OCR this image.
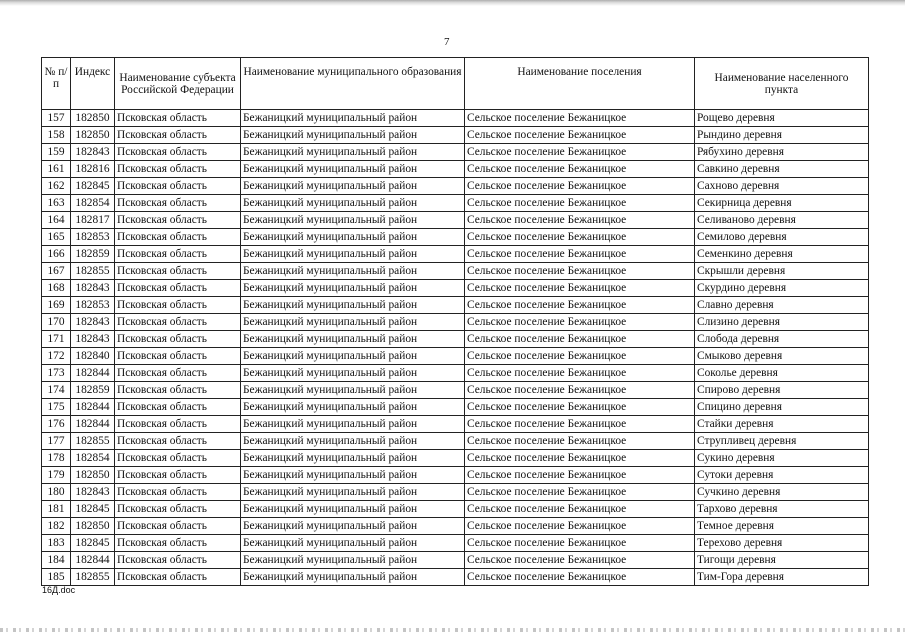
7
№ п/п	Индекс	Наименование субъекта Российской Федерации	Наименование муниципального образования	Наименование поселения	Наименование населенного пункта
157	182850	Псковская область	Бежаницкий муниципальный район	Сельское поселение Бежаницкое	Рощево деревня
158	182850	Псковская область	Бежаницкий муниципальный район	Сельское поселение Бежаницкое	Рындино деревня
159	182843	Псковская область	Бежаницкий муниципальный район	Сельское поселение Бежаницкое	Рябухино деревня
161	182816	Псковская область	Бежаницкий муниципальный район	Сельское поселение Бежаницкое	Савкино деревня
162	182845	Псковская область	Бежаницкий муниципальный район	Сельское поселение Бежаницкое	Сахново деревня
163	182854	Псковская область	Бежаницкий муниципальный район	Сельское поселение Бежаницкое	Секирница деревня
164	182817	Псковская область	Бежаницкий муниципальный район	Сельское поселение Бежаницкое	Селиваново деревня
165	182853	Псковская область	Бежаницкий муниципальный район	Сельское поселение Бежаницкое	Семилово деревня
166	182859	Псковская область	Бежаницкий муниципальный район	Сельское поселение Бежаницкое	Семенкино деревня
167	182855	Псковская область	Бежаницкий муниципальный район	Сельское поселение Бежаницкое	Скрышли деревня
168	182843	Псковская область	Бежаницкий муниципальный район	Сельское поселение Бежаницкое	Скурдино деревня
169	182853	Псковская область	Бежаницкий муниципальный район	Сельское поселение Бежаницкое	Славно деревня
170	182843	Псковская область	Бежаницкий муниципальный район	Сельское поселение Бежаницкое	Слизино деревня
171	182843	Псковская область	Бежаницкий муниципальный район	Сельское поселение Бежаницкое	Слобода деревня
172	182840	Псковская область	Бежаницкий муниципальный район	Сельское поселение Бежаницкое	Смыково деревня
173	182844	Псковская область	Бежаницкий муниципальный район	Сельское поселение Бежаницкое	Соколье деревня
174	182859	Псковская область	Бежаницкий муниципальный район	Сельское поселение Бежаницкое	Спирово деревня
175	182844	Псковская область	Бежаницкий муниципальный район	Сельское поселение Бежаницкое	Спицино деревня
176	182844	Псковская область	Бежаницкий муниципальный район	Сельское поселение Бежаницкое	Стайки деревня
177	182855	Псковская область	Бежаницкий муниципальный район	Сельское поселение Бежаницкое	Струпливец деревня
178	182854	Псковская область	Бежаницкий муниципальный район	Сельское поселение Бежаницкое	Сукино деревня
179	182850	Псковская область	Бежаницкий муниципальный район	Сельское поселение Бежаницкое	Сутоки деревня
180	182843	Псковская область	Бежаницкий муниципальный район	Сельское поселение Бежаницкое	Сучкино деревня
181	182845	Псковская область	Бежаницкий муниципальный район	Сельское поселение Бежаницкое	Тархово деревня
182	182850	Псковская область	Бежаницкий муниципальный район	Сельское поселение Бежаницкое	Темное деревня
183	182845	Псковская область	Бежаницкий муниципальный район	Сельское поселение Бежаницкое	Терехово деревня
184	182844	Псковская область	Бежаницкий муниципальный район	Сельское поселение Бежаницкое	Тигощи деревня
185	182855	Псковская область	Бежаницкий муниципальный район	Сельское поселение Бежаницкое	Тим-Гора деревня
16Д.doc
